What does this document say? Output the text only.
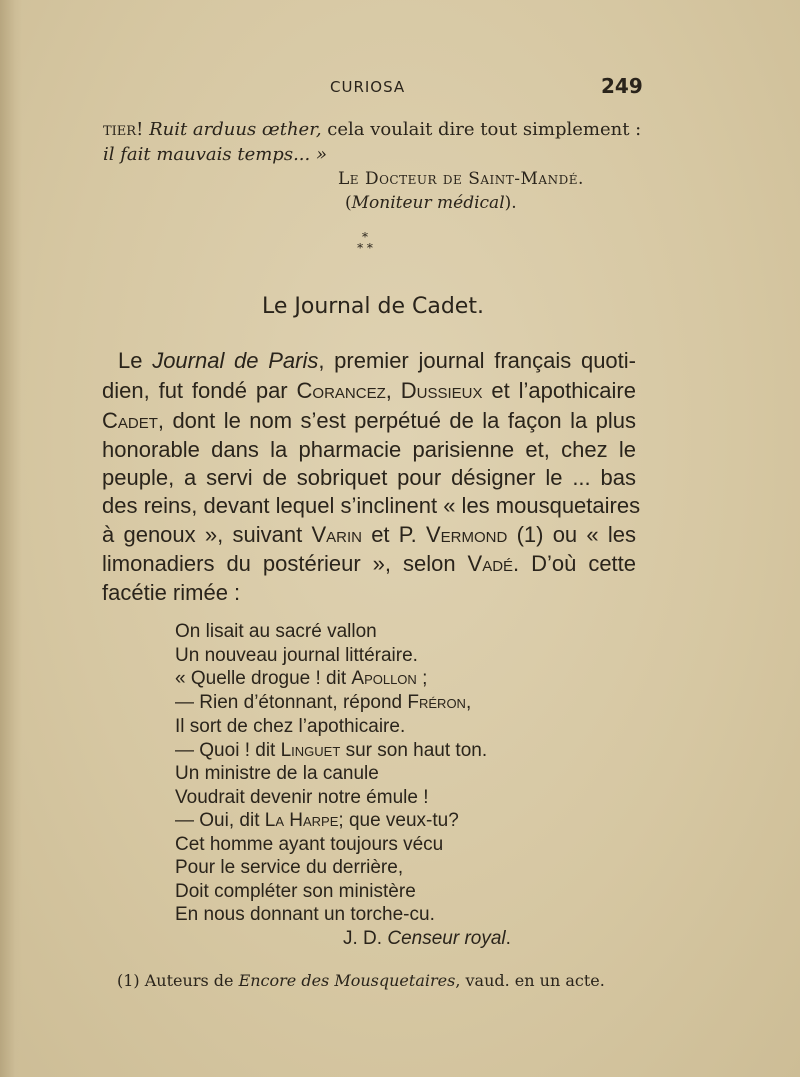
CURIOSA	249
tier! Ruit arduus œther, cela voulait dire tout simplement :
il fait mauvais temps... »
Le Docteur de Saint-Mandé.
(Moniteur médical).
*
* *
Le Journal de Cadet.
Le Journal de Paris, premier journal français quoti-
dien, fut fondé par Corancez, Dussieux et l’apothicaire
Cadet, dont le nom s’est perpétué de la façon la plus
honorable dans la pharmacie parisienne et, chez le
peuple, a servi de sobriquet pour désigner le ... bas
des reins, devant lequel s’inclinent « les mousquetaires
à genoux », suivant Varin et P. Vermond (1) ou « les
limonadiers du postérieur », selon Vadé. D’où cette
facétie rimée :
On lisait au sacré vallon
Un nouveau journal littéraire.
« Quelle drogue ! dit Apollon ;
— Rien d’étonnant, répond Fréron,
Il sort de chez l’apothicaire.
— Quoi ! dit Linguet sur son haut ton.
Un ministre de la canule
Voudrait devenir notre émule !
— Oui, dit La Harpe; que veux-tu?
Cet homme ayant toujours vécu
Pour le service du derrière,
Doit compléter son ministère
En nous donnant un torche-cu.
J. D. Censeur royal.
(1) Auteurs de Encore des Mousquetaires, vaud. en un acte.
